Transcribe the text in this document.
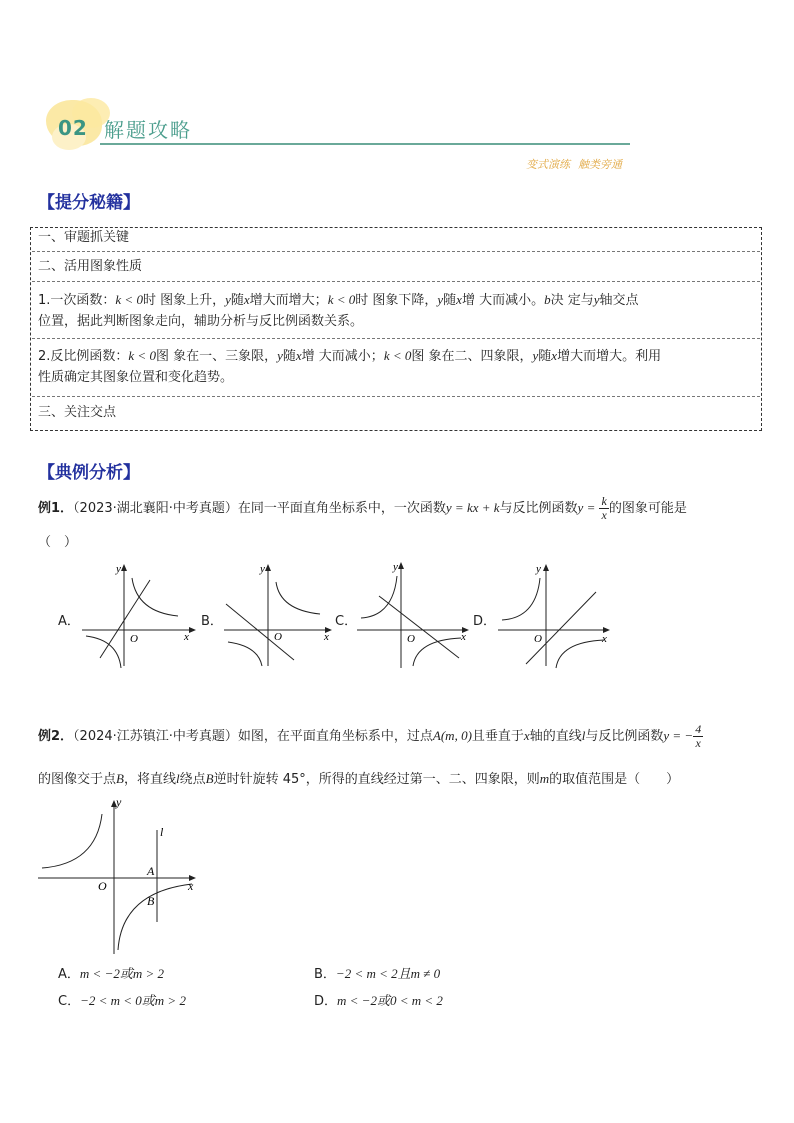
02 解题攻略
变式演练 触类旁通
【提分秘籍】
一、审题抓关键
二、活用图象性质
1.一次函数：k < 0时 图象上升，y随x增大而增大；k < 0时 图象下降，y随x增 大而减小。b决 定与y轴交点
位置，据此判断图象走向，辅助分析与反比例函数关系。
2.反比例函数：k < 0图 象在一、三象限，y随x增 大而减小；k < 0图 象在二、四象限，y随x增大而增大。利用
性质确定其图象位置和变化趋势。
三、关注交点
【典例分析】
例1．（2023·湖北襄阳·中考真题）在同一平面直角坐标系中，一次函数y = kx + k与反比例函数$y = \frac{k}{x}$ 的图象可能是
（　）
A．	B．	C．	D．
y
x
O
y
x
O
y
x
O
y
x
O
例2．（2024·江苏镇江·中考真题）如图，在平面直角坐标系中，过点A(m, 0)且垂直于x轴的直线l与反比例函数y = − $\frac{4}{x}$
的图像交于点B，将直线l绕点B逆时针旋转 45°，所得的直线经过第一、二、四象限，则m的取值范围是（　　）
y
x
O
A
B
l
A．m < −2或m > 2	B．−2 < m < 2且m ≠ 0
C．−2 < m < 0或m > 2	D．m < −2或0 < m < 2
